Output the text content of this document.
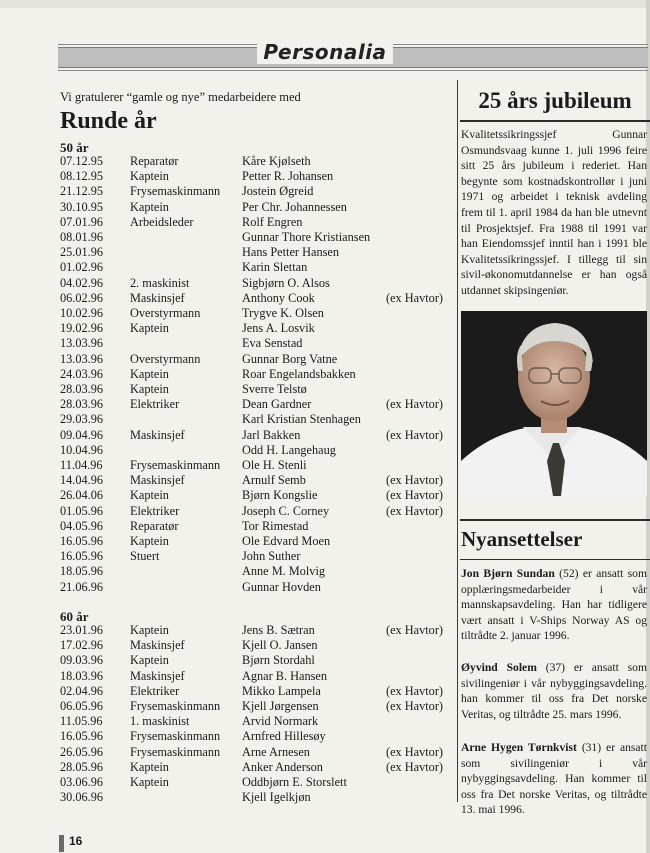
Personalia
Vi gratulerer “gamle og nye” medarbeidere med
Runde år
50 år
07.12.95 Reparatør	Kåre Kjølseth
08.12.95 Kaptein	Petter R. Johansen
21.12.95 Frysemaskinmann Jostein Øgreid
30.10.95 Kaptein	Per Chr. Johannessen
07.01.96 Arbeidsleder	Rolf Engren
08.01.96	Gunnar Thore Kristiansen
25.01.96	Hans Petter Hansen
01.02.96	Karin Slettan
04.02.96 2. maskinist	Sigbjørn O. Alsos
06.02.96 Maskinsjef	Anthony Cook	(ex Havtor)
10.02.96 Overstyrmann	Trygve K. Olsen
19.02.96 Kaptein	Jens A. Losvik
13.03.96	Eva Senstad
13.03.96 Overstyrmann	Gunnar Borg Vatne
24.03.96 Kaptein	Roar Engelandsbakken
28.03.96 Kaptein	Sverre Telstø
28.03.96 Elektriker	Dean Gardner	(ex Havtor)
29.03.96	Karl Kristian Stenhagen
09.04.96 Maskinsjef	Jarl Bakken	(ex Havtor)
10.04.96	Odd H. Langehaug
11.04.96 Frysemaskinmann Ole H. Stenli
14.04.96 Maskinsjef	Arnulf Semb	(ex Havtor)
26.04.06 Kaptein	Bjørn Kongslie	(ex Havtor)
01.05.96 Elektriker	Joseph C. Corney	(ex Havtor)
04.05.96 Reparatør	Tor Rimestad
16.05.96 Kaptein	Ole Edvard Moen
16.05.96 Stuert	John Suther
18.05.96	Anne M. Molvig
21.06.96	Gunnar Hovden
60 år
23.01.96 Kaptein	Jens B. Sætran	(ex Havtor)
17.02.96 Maskinsjef	Kjell O. Jansen
09.03.96 Kaptein	Bjørn Stordahl
18.03.96 Maskinsjef	Agnar B. Hansen
02.04.96 Elektriker	Mikko Lampela	(ex Havtor)
06.05.96 Frysemaskinmann Kjell Jørgensen	(ex Havtor)
11.05.96 1. maskinist	Arvid Normark
16.05.96 Frysemaskinmann Arnfred Hillesøy
26.05.96 Frysemaskinmann Arne Arnesen	(ex Havtor)
28.05.96 Kaptein	Anker Anderson	(ex Havtor)
03.06.96 Kaptein	Oddbjørn E. Storslett
30.06.96	Kjell Igelkjøn
25 års jubileum
Kvalitetssikringssjef Gunnar Osmundsvaag kunne 1. juli 1996 feire sitt 25 års jubileum i rederiet. Han begynte som kostnadskontrollør i juni 1971 og arbeidet i teknisk avdeling frem til 1. april 1984 da han ble utnevnt til Prosjektsjef. Fra 1988 til 1991 var han Eiendomssjef inntil han i 1991 ble Kvalitetssikringssjef. I tillegg til sin sivil-økonomutdannelse er han også utdannet skipsingeniør.
Nyansettelser
Jon Bjørn Sundan (52) er ansatt som opplæringsmedarbeider i vår mannskapsavdeling. Han har tidligere vært ansatt i V-Ships Norway AS og tiltrådte 2. januar 1996.
Øyvind Solem (37) er ansatt som sivilingeniør i vår nybyggingsavdeling. han kommer til oss fra Det norske Veritas, og tiltrådte 25. mars 1996.
Arne Hygen Tørnkvist (31) er ansatt som sivilingeniør i vår nybyggingsavdeling. Han kommer til oss fra Det norske Veritas, og tiltrådte 13. mai 1996.
16
